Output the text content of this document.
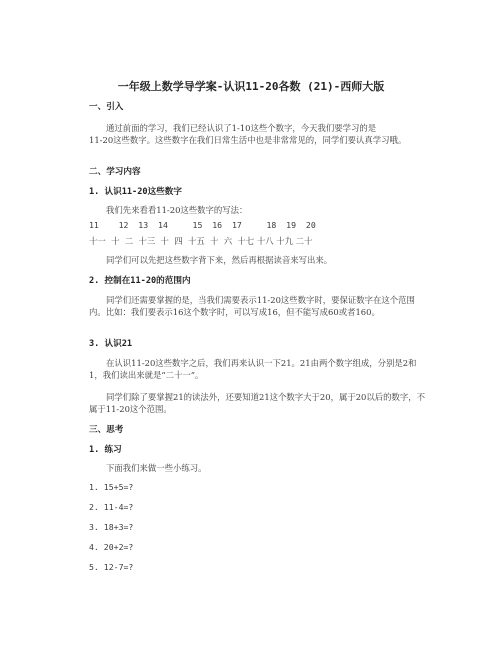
一年级上数学导学案-认识11-20各数 (21)-西师大版

一、引入

通过前面的学习，我们已经认识了1-10这些个数字，今天我们要学习的是

11-20这些数字。这些数字在我们日常生活中也是非常常见的，同学们要认真学习哦。

二、学习内容

1. 认识11-20这些数字

我们先来看看11-20这些数字的写法：

11    12  13  14     15  16  17     18  19  20

十一  十  二  十三  十  四  十五  十  六  十七 十八 十九 二十

同学们可以先把这些数字背下来，然后再根据读音来写出来。

2. 控制在11-20的范围内

同学们还需要掌握的是，当我们需要表示11-20这些数字时，要保证数字在这个范围内。比如：我们要表示16这个数字时，可以写成16，但不能写成60或者160。

3. 认识21

在认识11-20这些数字之后，我们再来认识一下21。21由两个数字组成，分别是2和1，我们读出来就是“二十一”。

同学们除了要掌握21的读法外，还要知道21这个数字大于20，属于20以后的数字，不属于11-20这个范围。

三、思考

1. 练习

下面我们来做一些小练习。

1. 15+5=?

2. 11-4=?

3. 18+3=?

4. 20+2=?

5. 12-7=?
